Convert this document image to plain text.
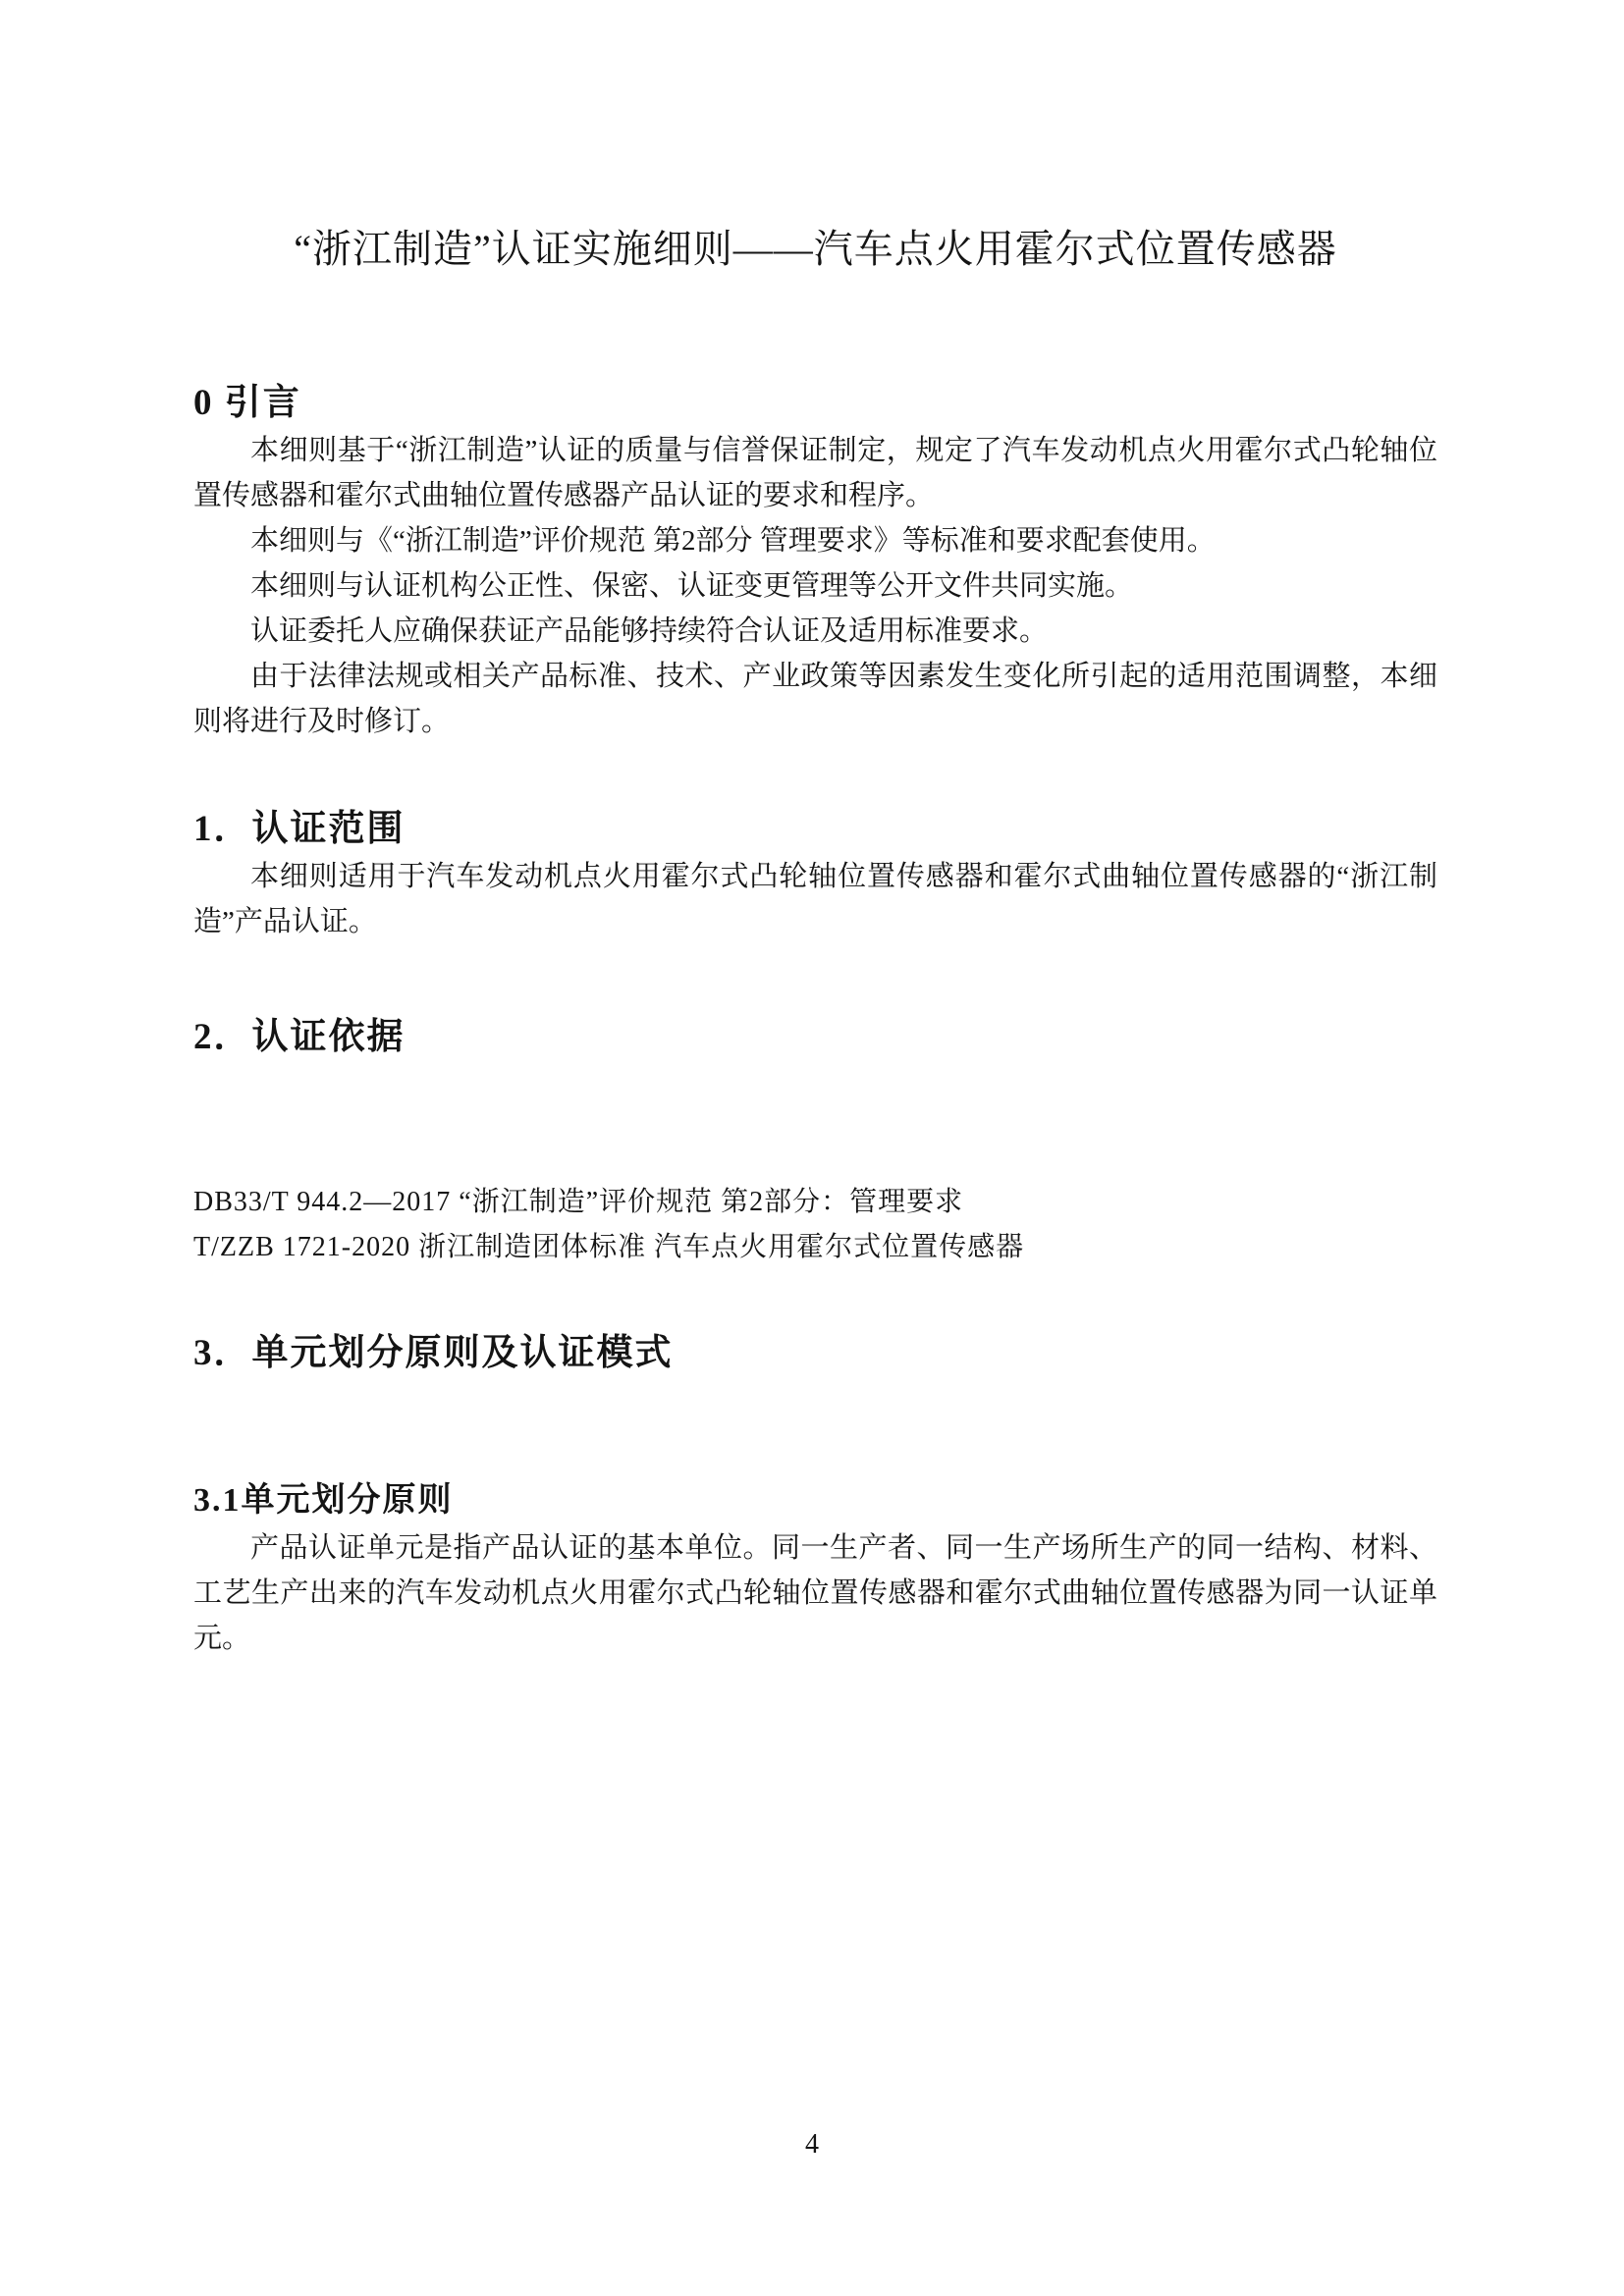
“浙江制造”认证实施细则——汽车点火用霍尔式位置传感器
0 引言

本细则基于“浙江制造”认证的质量与信誉保证制定，规定了汽车发动机点火用霍尔式凸轮轴位置传感器和霍尔式曲轴位置传感器产品认证的要求和程序。

本细则与《“浙江制造”评价规范 第2部分 管理要求》等标准和要求配套使用。

本细则与认证机构公正性、保密、认证变更管理等公开文件共同实施。

认证委托人应确保获证产品能够持续符合认证及适用标准要求。

由于法律法规或相关产品标准、技术、产业政策等因素发生变化所引起的适用范围调整，本细则将进行及时修订。

1．认证范围

本细则适用于汽车发动机点火用霍尔式凸轮轴位置传感器和霍尔式曲轴位置传感器的“浙江制造”产品认证。

2．认证依据

DB33/T 944.2—2017 “浙江制造”评价规范 第2部分：管理要求

T/ZZB 1721-2020 浙江制造团体标准 汽车点火用霍尔式位置传感器

3．单元划分原则及认证模式
3.1单元划分原则

产品认证单元是指产品认证的基本单位。同一生产者、同一生产场所生产的同一结构、材料、工艺生产出来的汽车发动机点火用霍尔式凸轮轴位置传感器和霍尔式曲轴位置传感器为同一认证单元。

4
